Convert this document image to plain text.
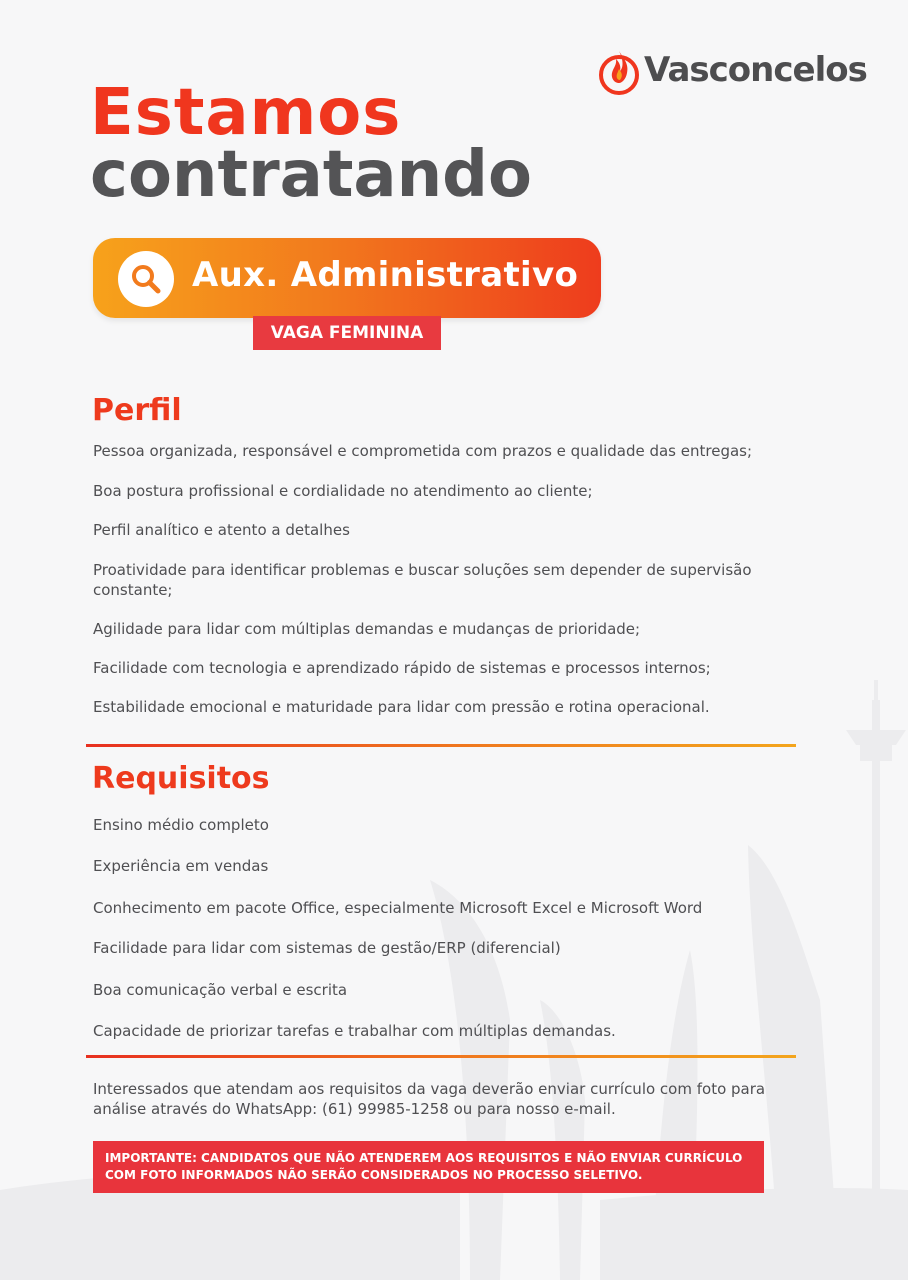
Vasconcelos
Estamos
contratando
Aux. Administrativo
VAGA FEMININA
Perfil
Pessoa organizada, responsável e comprometida com prazos e qualidade das entregas;
Boa postura profissional e cordialidade no atendimento ao cliente;
Perfil analítico e atento a detalhes
Proatividade para identificar problemas e buscar soluções sem depender de supervisão constante;
Agilidade para lidar com múltiplas demandas e mudanças de prioridade;
Facilidade com tecnologia e aprendizado rápido de sistemas e processos internos;
Estabilidade emocional e maturidade para lidar com pressão e rotina operacional.
Requisitos
Ensino médio completo
Experiência em vendas
Conhecimento em pacote Office, especialmente Microsoft Excel e Microsoft Word
Facilidade para lidar com sistemas de gestão/ERP (diferencial)
Boa comunicação verbal e escrita
Capacidade de priorizar tarefas e trabalhar com múltiplas demandas.
Interessados que atendam aos requisitos da vaga deverão enviar currículo com foto para análise através do WhatsApp: (61) 99985-1258 ou para nosso e-mail.
IMPORTANTE: CANDIDATOS QUE NÃO ATENDEREM AOS REQUISITOS E NÃO ENVIAR CURRÍCULO COM FOTO INFORMADOS NÃO SERÃO CONSIDERADOS NO PROCESSO SELETIVO.
